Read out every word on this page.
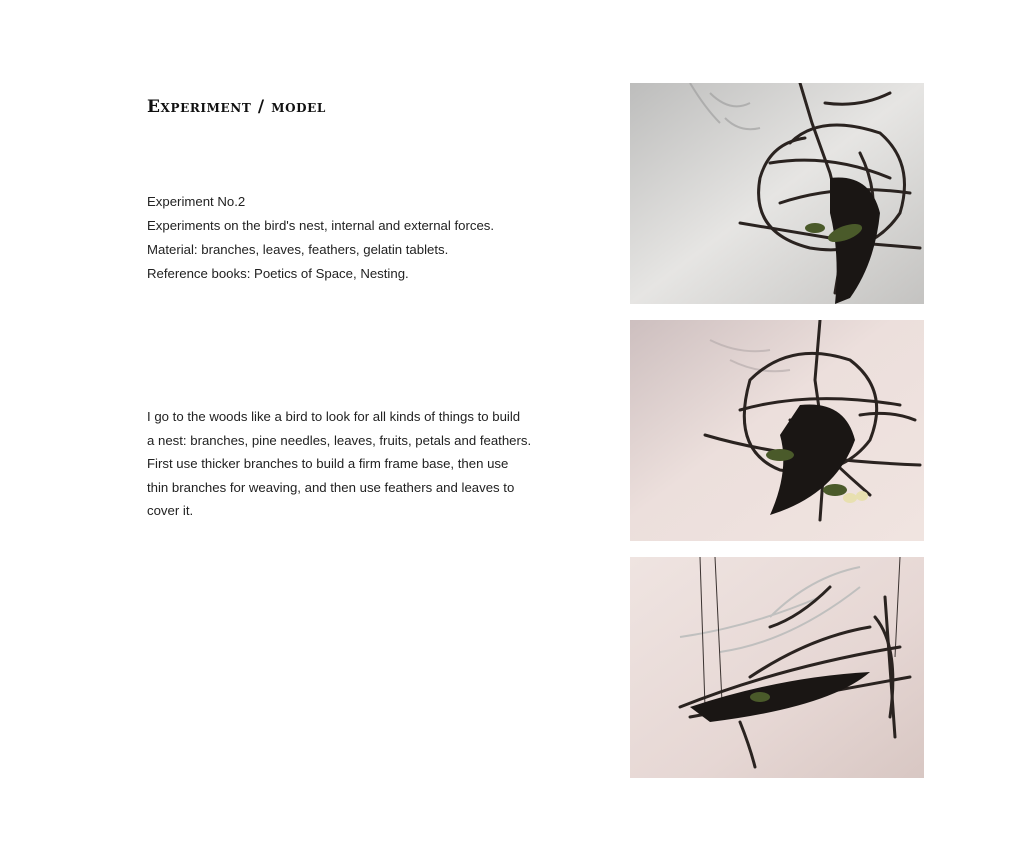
Experiment / model
Experiment No.2
Experiments on the bird's nest, internal and external forces.
Material: branches, leaves, feathers, gelatin tablets.
Reference books: Poetics of Space, Nesting.
I go to the woods like a bird to look for all kinds of things to build
a nest: branches, pine needles, leaves, fruits, petals and feathers.
First use thicker branches to build a firm frame base, then use
thin branches for weaving, and then use feathers and leaves to
cover it.
